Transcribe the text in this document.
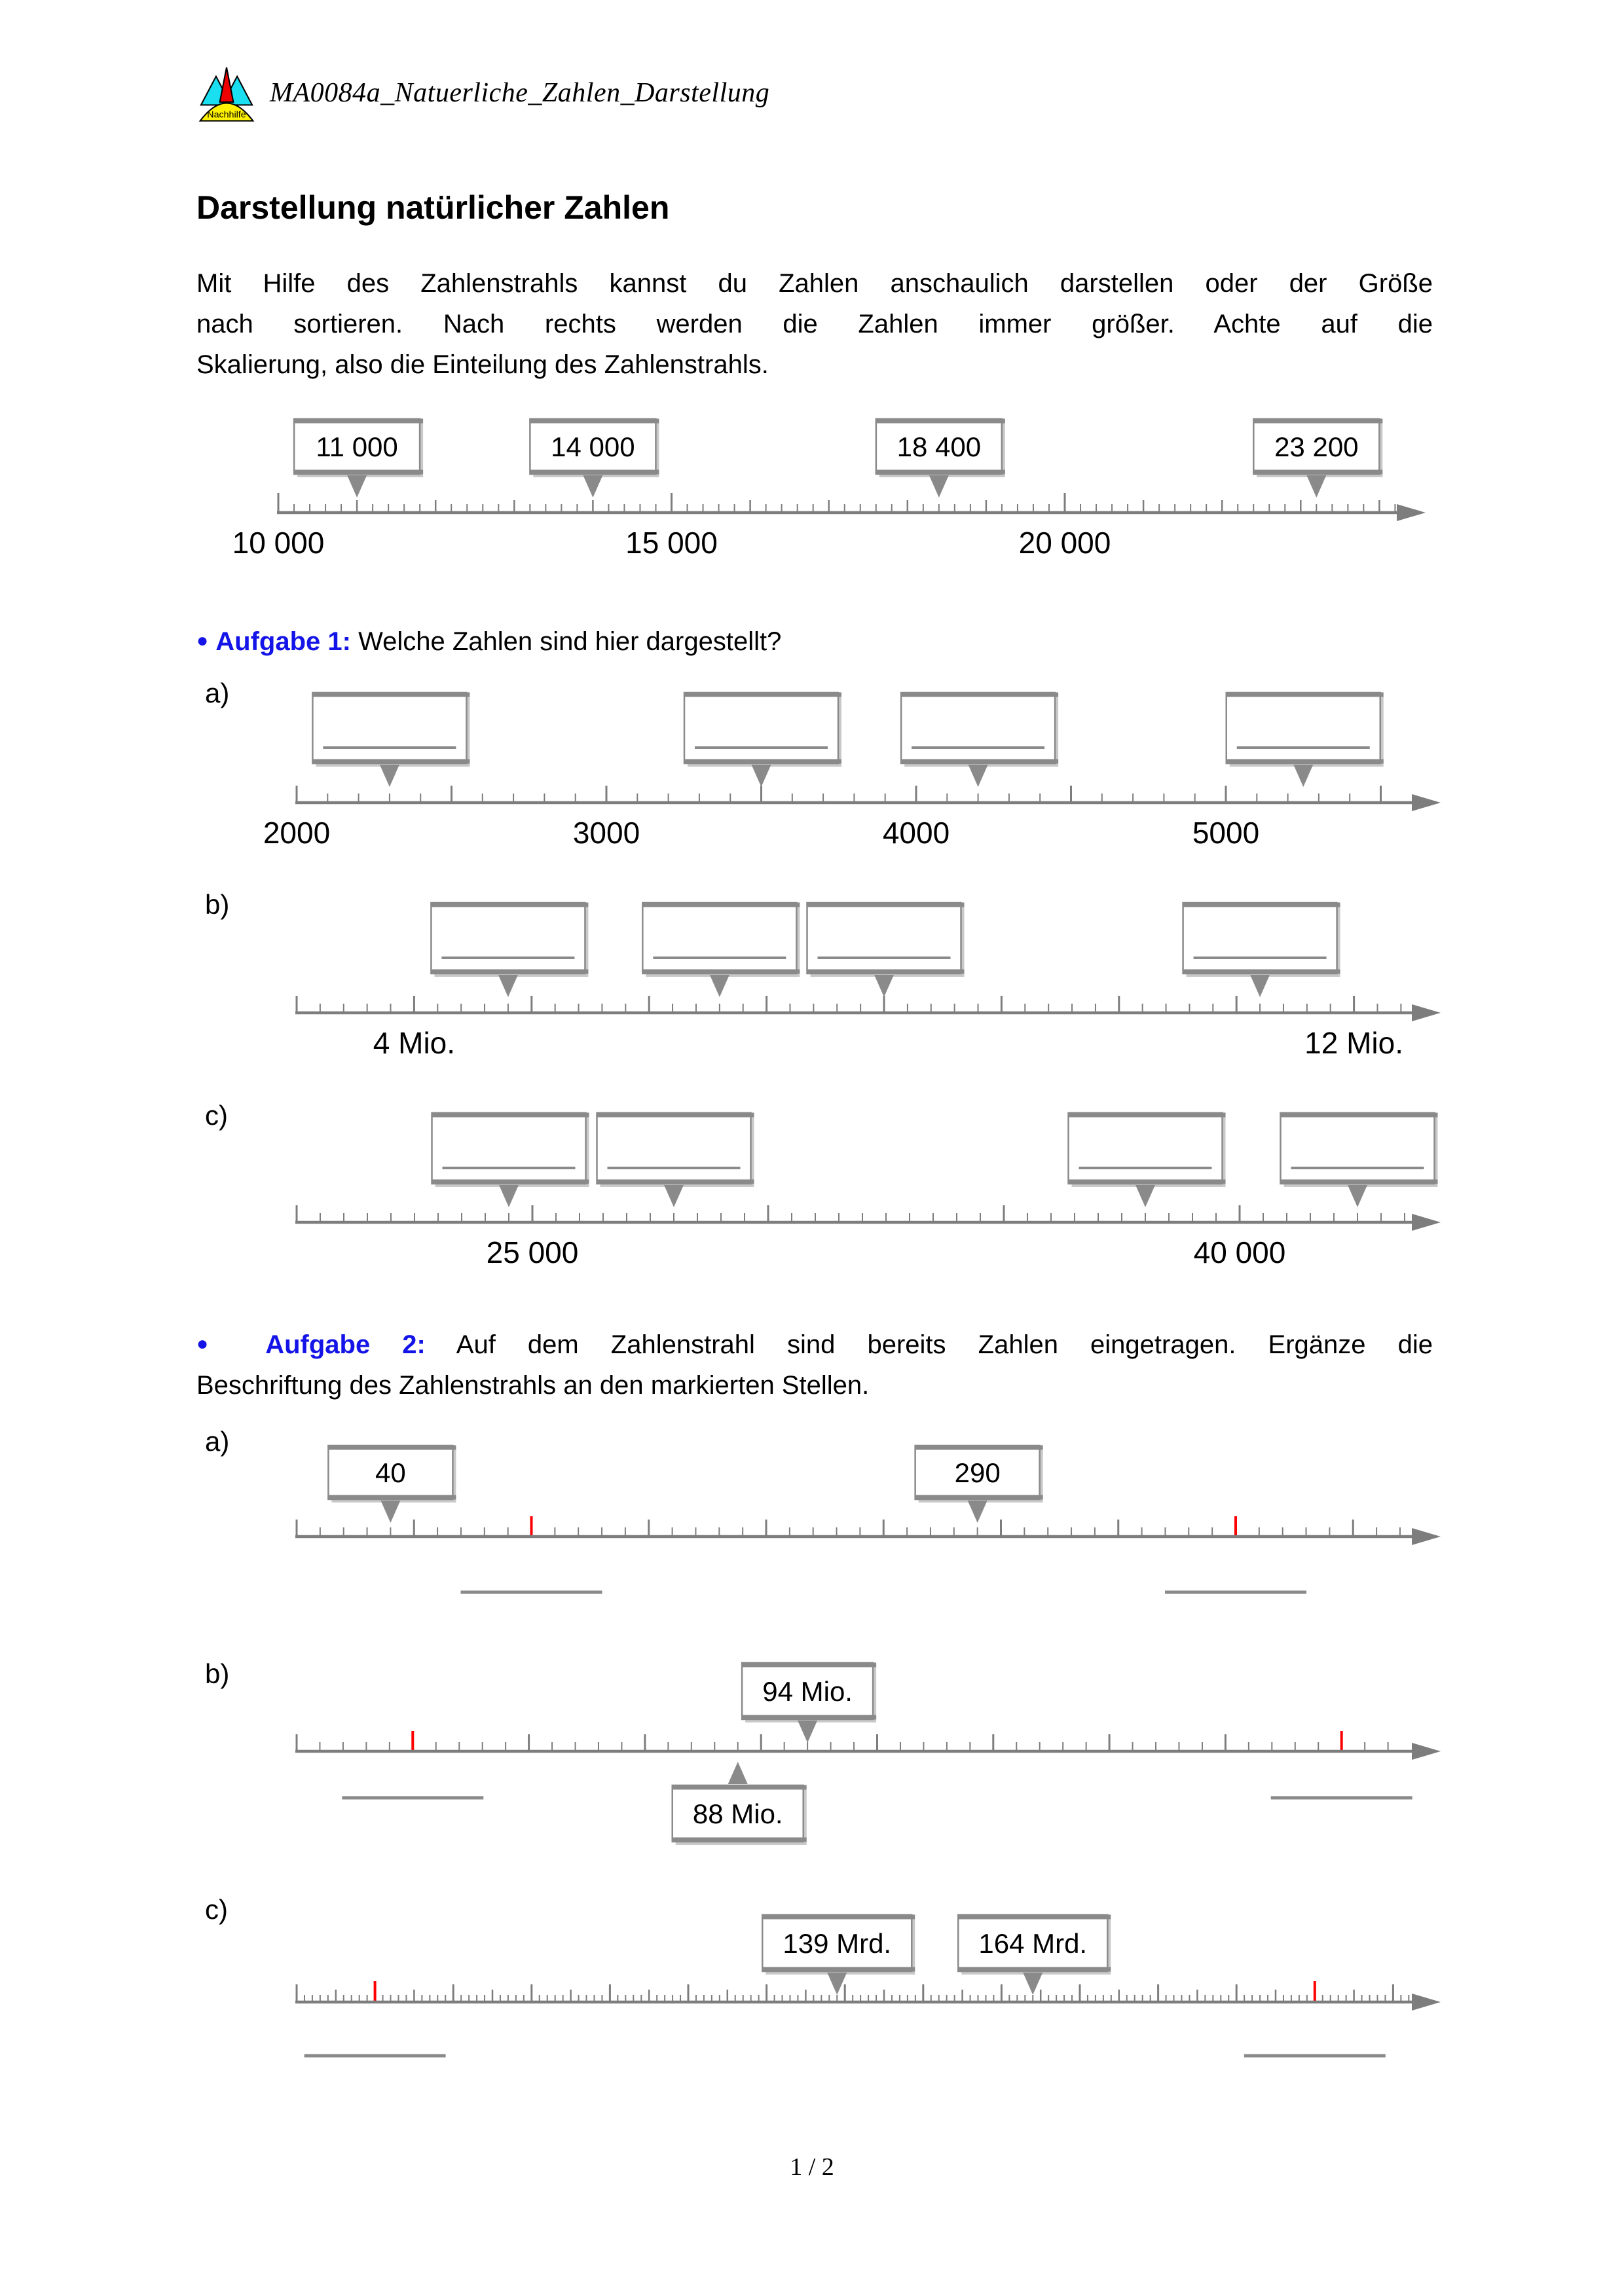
Nachhilfe
MA0084a_Natuerliche_Zahlen_Darstellung
Darstellung natürlicher Zahlen
Mit Hilfe des Zahlenstrahls kannst du Zahlen anschaulich darstellen oder der Größe
nach sortieren. Nach rechts werden die Zahlen immer größer. Achte auf die
Skalierung, also die Einteilung des Zahlenstrahls.
10 000	15 000	20 000
11 000	14 000	18 400	23 200
2000	3000	4000	5000
4 Mio.	12 Mio.
25 000	40 000
40	290
94 Mio.
88 Mio.
139 Mrd.	164 Mrd.
● Aufgabe 1: Welche Zahlen sind hier dargestellt?
● Aufgabe 2: Auf dem Zahlenstrahl sind bereits Zahlen eingetragen. Ergänze die
Beschriftung des Zahlenstrahls an den markierten Stellen.
a)
b)
c)
a)
b)
c)
1 / 2
